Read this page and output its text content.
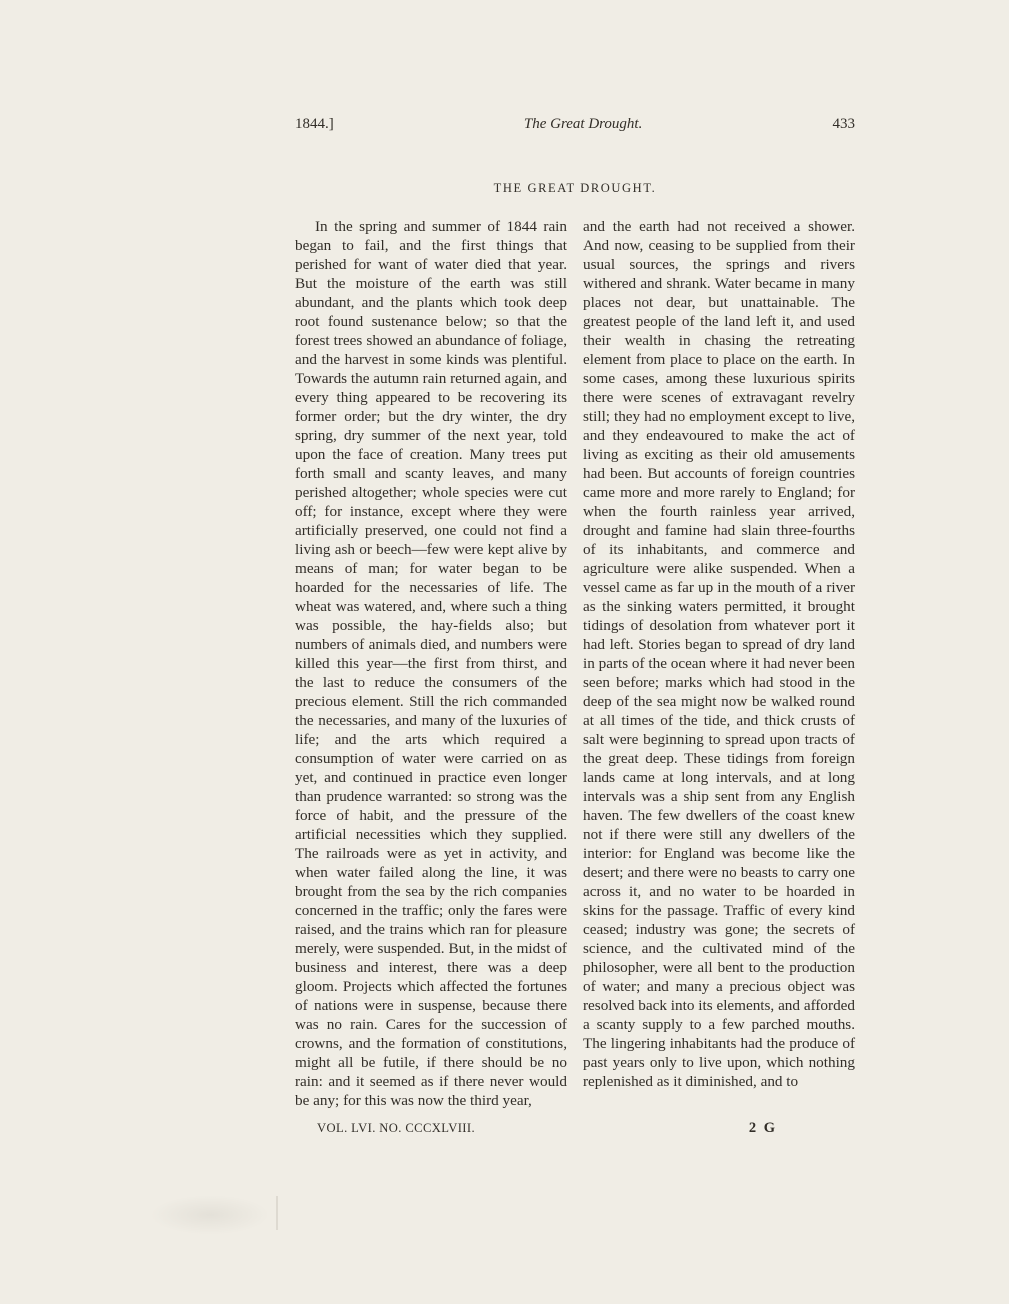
1844.]	The Great Drought.	433
THE GREAT DROUGHT.

In the spring and summer of 1844 rain began to fail, and the first things that perished for want of water died that year. But the moisture of the earth was still abundant, and the plants which took deep root found sustenance below; so that the forest trees showed an abundance of foliage, and the harvest in some kinds was plentiful. Towards the autumn rain returned again, and every thing appeared to be recovering its former order; but the dry winter, the dry spring, dry summer of the next year, told upon the face of creation. Many trees put forth small and scanty leaves, and many perished altogether; whole species were cut off; for instance, except where they were artificially preserved, one could not find a living ash or beech—few were kept alive by means of man; for water began to be hoarded for the necessaries of life. The wheat was watered, and, where such a thing was possible, the hay-fields also; but numbers of animals died, and numbers were killed this year—the first from thirst, and the last to reduce the consumers of the precious element. Still the rich commanded the necessaries, and many of the luxuries of life; and the arts which required a consumption of water were carried on as yet, and continued in practice even longer than prudence warranted: so strong was the force of habit, and the pressure of the artificial necessities which they supplied. The railroads were as yet in activity, and when water failed along the line, it was brought from the sea by the rich companies concerned in the traffic; only the fares were raised, and the trains which ran for pleasure merely, were suspended. But, in the midst of business and interest, there was a deep gloom. Projects which affected the fortunes of nations were in suspense, because there was no rain. Cares for the succession of crowns, and the formation of constitutions, might all be futile, if there should be no rain: and it seemed as if there never would be any; for this was now the third year,

and the earth had not received a shower. And now, ceasing to be supplied from their usual sources, the springs and rivers withered and shrank. Water became in many places not dear, but unattainable. The greatest people of the land left it, and used their wealth in chasing the retreating element from place to place on the earth. In some cases, among these luxurious spirits there were scenes of extravagant revelry still; they had no employment except to live, and they endeavoured to make the act of living as exciting as their old amusements had been. But accounts of foreign countries came more and more rarely to England; for when the fourth rainless year arrived, drought and famine had slain three-fourths of its inhabitants, and commerce and agriculture were alike suspended. When a vessel came as far up in the mouth of a river as the sinking waters permitted, it brought tidings of desolation from whatever port it had left. Stories began to spread of dry land in parts of the ocean where it had never been seen before; marks which had stood in the deep of the sea might now be walked round at all times of the tide, and thick crusts of salt were beginning to spread upon tracts of the great deep. These tidings from foreign lands came at long intervals, and at long intervals was a ship sent from any English haven. The few dwellers of the coast knew not if there were still any dwellers of the interior: for England was become like the desert; and there were no beasts to carry one across it, and no water to be hoarded in skins for the passage. Traffic of every kind ceased; industry was gone; the secrets of science, and the cultivated mind of the philosopher, were all bent to the production of water; and many a precious object was resolved back into its elements, and afforded a scanty supply to a few parched mouths. The lingering inhabitants had the produce of past years only to live upon, which nothing replenished as it diminished, and to

VOL. LVI. NO. CCCXLVIII.	2 G
